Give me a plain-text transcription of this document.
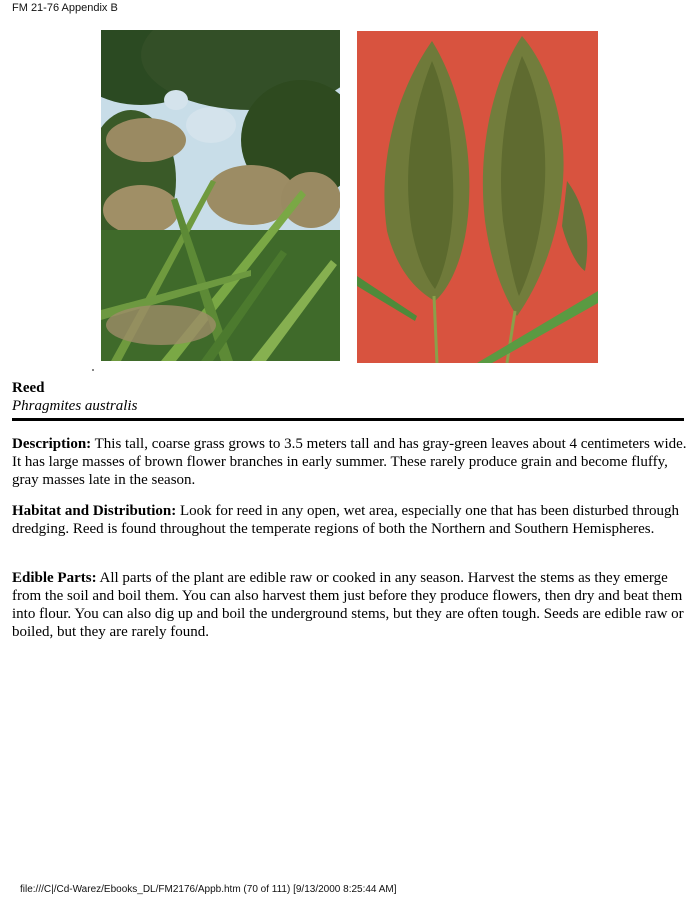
FM 21-76 Appendix B
Reed
Phragmites australis
Description: This tall, coarse grass grows to 3.5 meters tall and has gray-green leaves about 4 centimeters wide. It has large masses of brown flower branches in early summer. These rarely produce grain and become fluffy, gray masses late in the season.
Habitat and Distribution: Look for reed in any open, wet area, especially one that has been disturbed through dredging. Reed is found throughout the temperate regions of both the Northern and Southern Hemispheres.
Edible Parts: All parts of the plant are edible raw or cooked in any season. Harvest the stems as they emerge from the soil and boil them. You can also harvest them just before they produce flowers, then dry and beat them into flour. You can also dig up and boil the underground stems, but they are often tough. Seeds are edible raw or boiled, but they are rarely found.
file:///C|/Cd-Warez/Ebooks_DL/FM2176/Appb.htm (70 of 111) [9/13/2000 8:25:44 AM]
